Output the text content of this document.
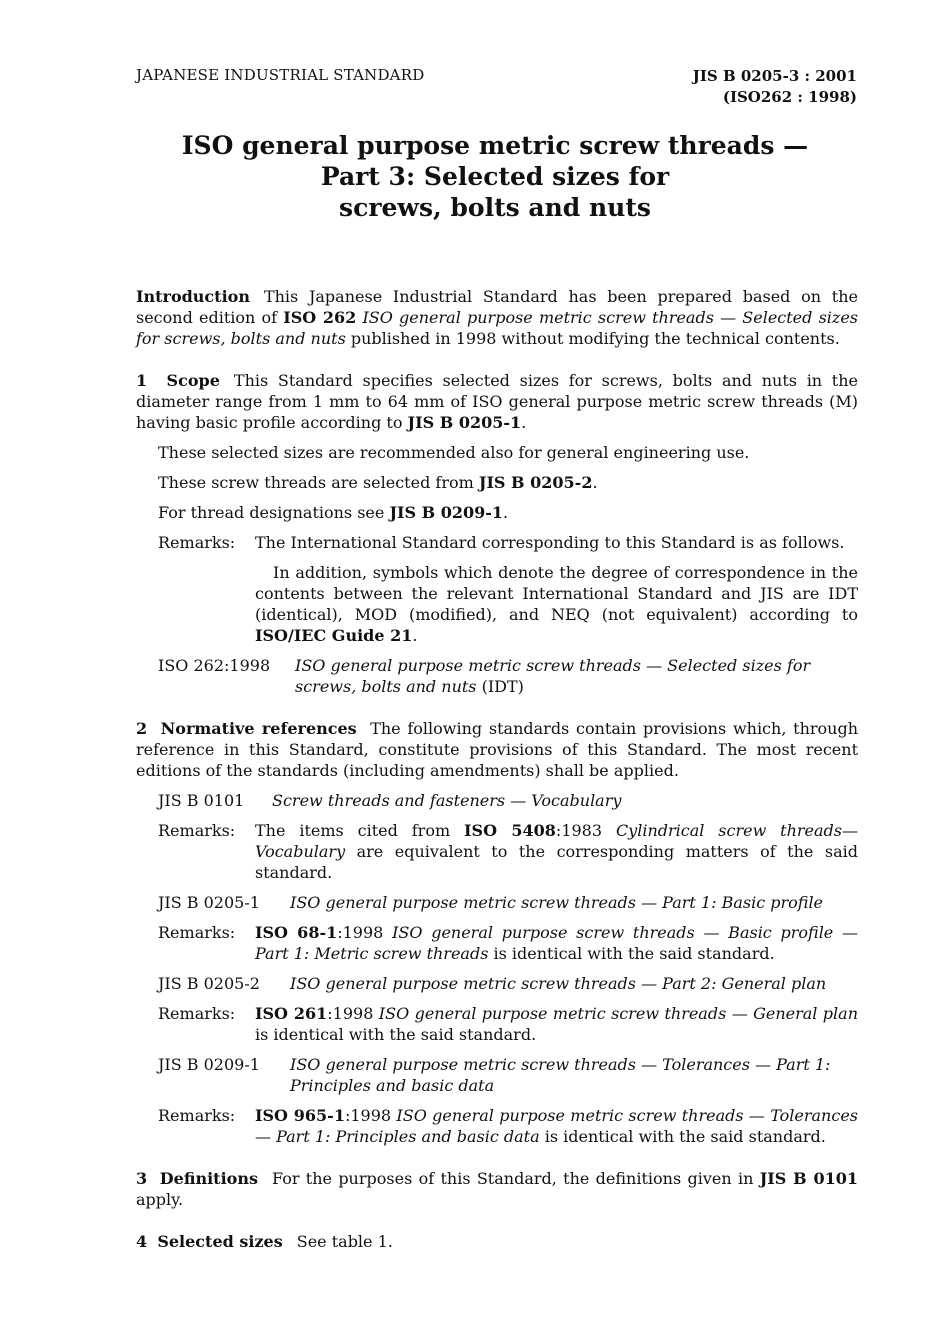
JAPANESE INDUSTRIAL STANDARD	JIS B 0205-3 : 2001
(ISO262 : 1998)
ISO general purpose metric screw threads —
Part 3: Selected sizes for
screws, bolts and nuts

Introduction This Japanese Industrial Standard has been prepared based on the second edition of ISO 262 ISO general purpose metric screw threads — Selected sizes for screws, bolts and nuts published in 1998 without modifying the technical contents.

1 Scope This Standard specifies selected sizes for screws, bolts and nuts in the diameter range from 1 mm to 64 mm of ISO general purpose metric screw threads (M) having basic profile according to JIS B 0205-1.

These selected sizes are recommended also for general engineering use.

These screw threads are selected from JIS B 0205-2.

For thread designations see JIS B 0209-1.

Remarks:	The International Standard corresponding to this Standard is as follows.

In addition, symbols which denote the degree of correspondence in the contents between the relevant International Standard and JIS are IDT (identical), MOD (modified), and NEQ (not equivalent) according to ISO/IEC Guide 21.

ISO 262:1998	ISO general purpose metric screw threads — Selected sizes for screws, bolts and nuts (IDT)

2 Normative references The following standards contain provisions which, through reference in this Standard, constitute provisions of this Standard. The most recent editions of the standards (including amendments) shall be applied.

JIS B 0101	Screw threads and fasteners — Vocabulary
Remarks:	The items cited from ISO 5408:1983 Cylindrical screw threads—Vocabulary are equivalent to the corresponding matters of the said standard.
JIS B 0205-1	ISO general purpose metric screw threads — Part 1: Basic profile
Remarks:	ISO 68-1:1998 ISO general purpose screw threads — Basic profile — Part 1: Metric screw threads is identical with the said standard.
JIS B 0205-2	ISO general purpose metric screw threads — Part 2: General plan
Remarks:	ISO 261:1998 ISO general purpose metric screw threads — General plan is identical with the said standard.
JIS B 0209-1	ISO general purpose metric screw threads — Tolerances — Part 1: Principles and basic data
Remarks:	ISO 965-1:1998 ISO general purpose metric screw threads — Tolerances — Part 1: Principles and basic data is identical with the said standard.

3 Definitions For the purposes of this Standard, the definitions given in JIS B 0101 apply.

4 Selected sizes See table 1.
